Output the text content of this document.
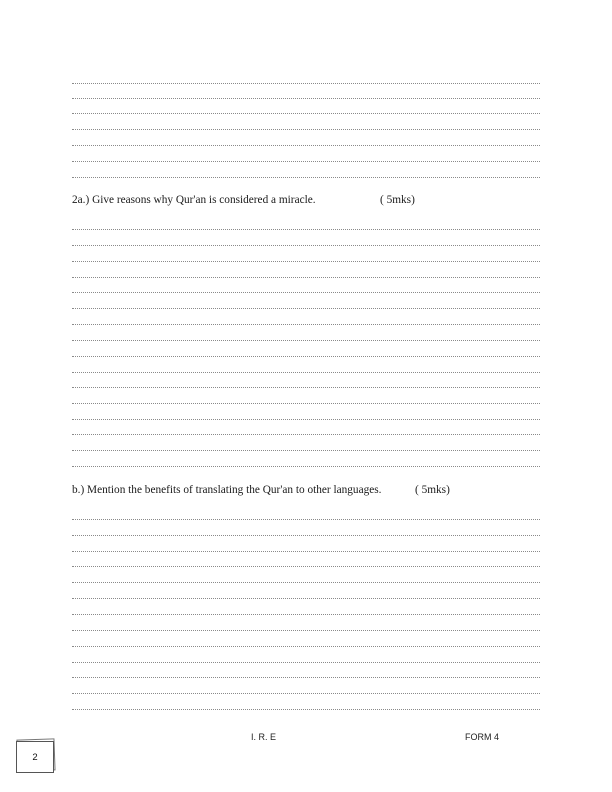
2a.) Give reasons why Qur'an is considered a miracle.	( 5mks)
b.) Mention the benefits of translating the Qur'an to other languages.	( 5mks)
I. R. E	FORM 4
2
